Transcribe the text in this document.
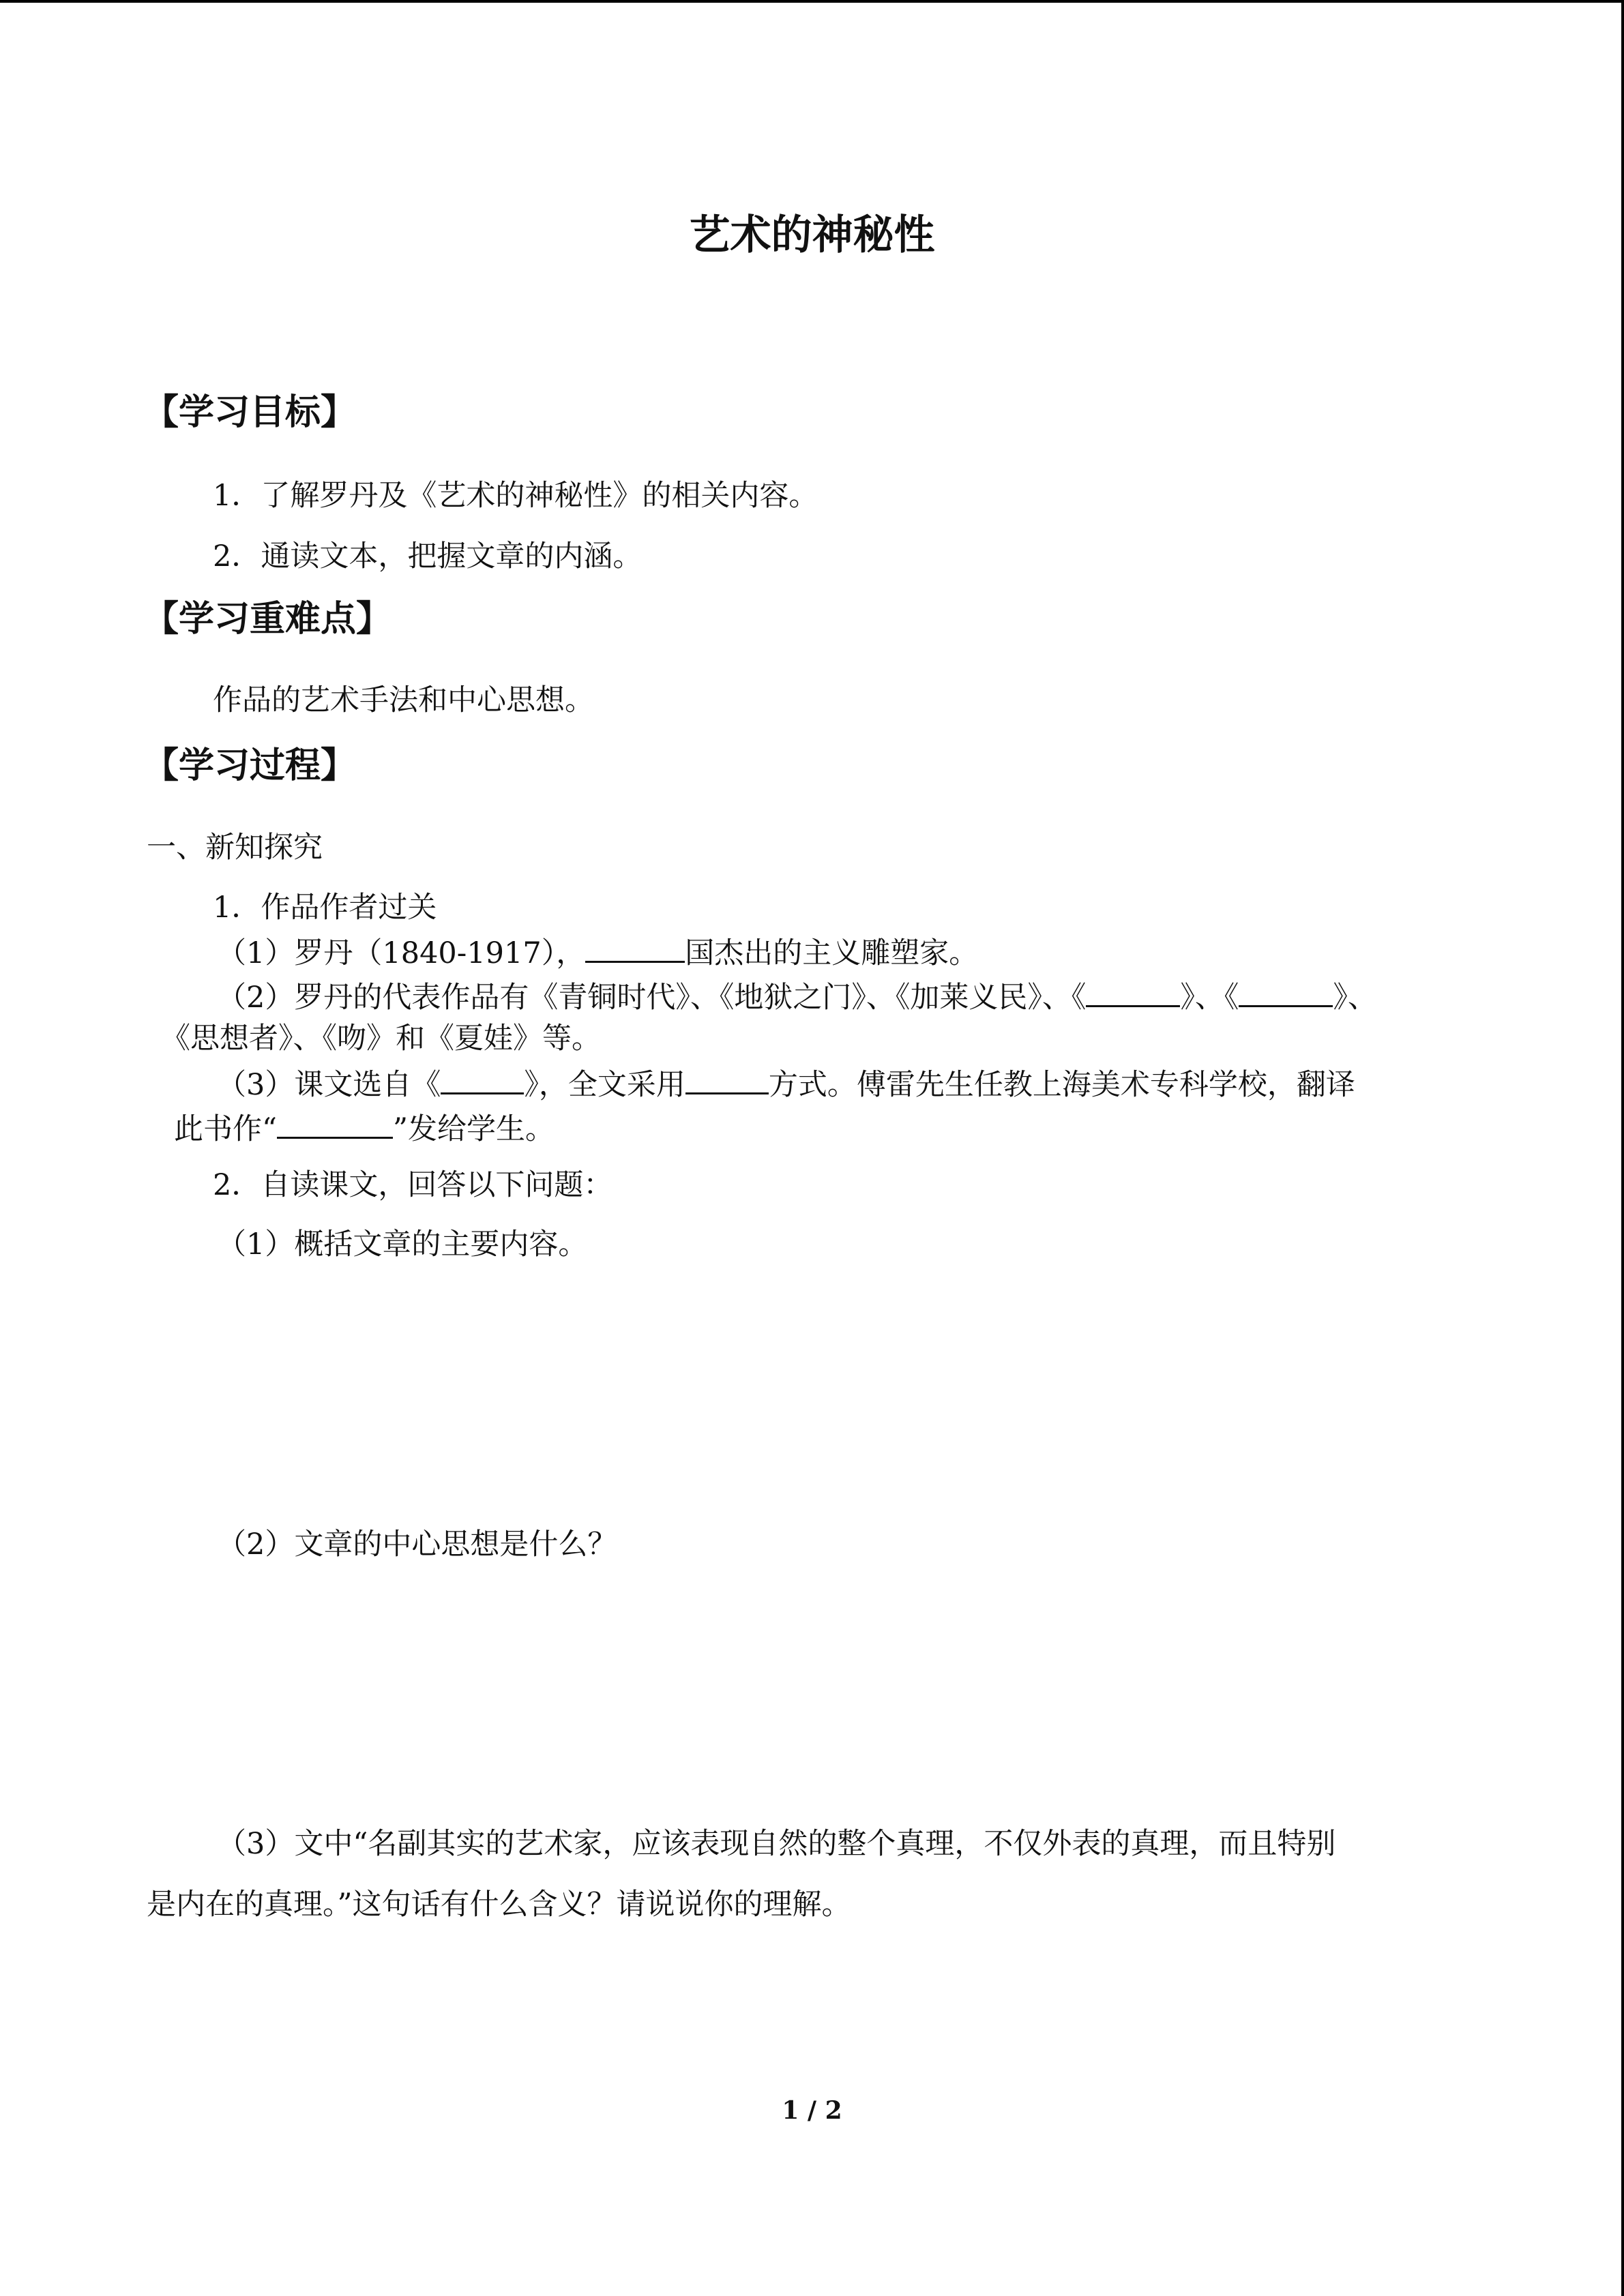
艺术的神秘性
【学习目标】
1．了解罗丹及《艺术的神秘性》的相关内容。
2．通读文本，把握文章的内涵。
【学习重难点】
作品的艺术手法和中心思想。
【学习过程】
一、新知探究
1．作品作者过关
（1）罗丹（1840-1917），	国杰出的主义雕塑家。
（2）罗丹的代表作品有《青铜时代》、《地狱之门》、《加莱义民》、《	》、《	》、
《思想者》、《吻》和《夏娃》等。
（3）课文选自《	》，全文采用	方式。傅雷先生任教上海美术专科学校，翻译
此书作“	”发给学生。
2．自读课文，回答以下问题：
（1）概括文章的主要内容。
（2）文章的中心思想是什么？
（3）文中“名副其实的艺术家，应该表现自然的整个真理，不仅外表的真理，而且特别
是内在的真理。”这句话有什么含义？请说说你的理解。
1 / 2
